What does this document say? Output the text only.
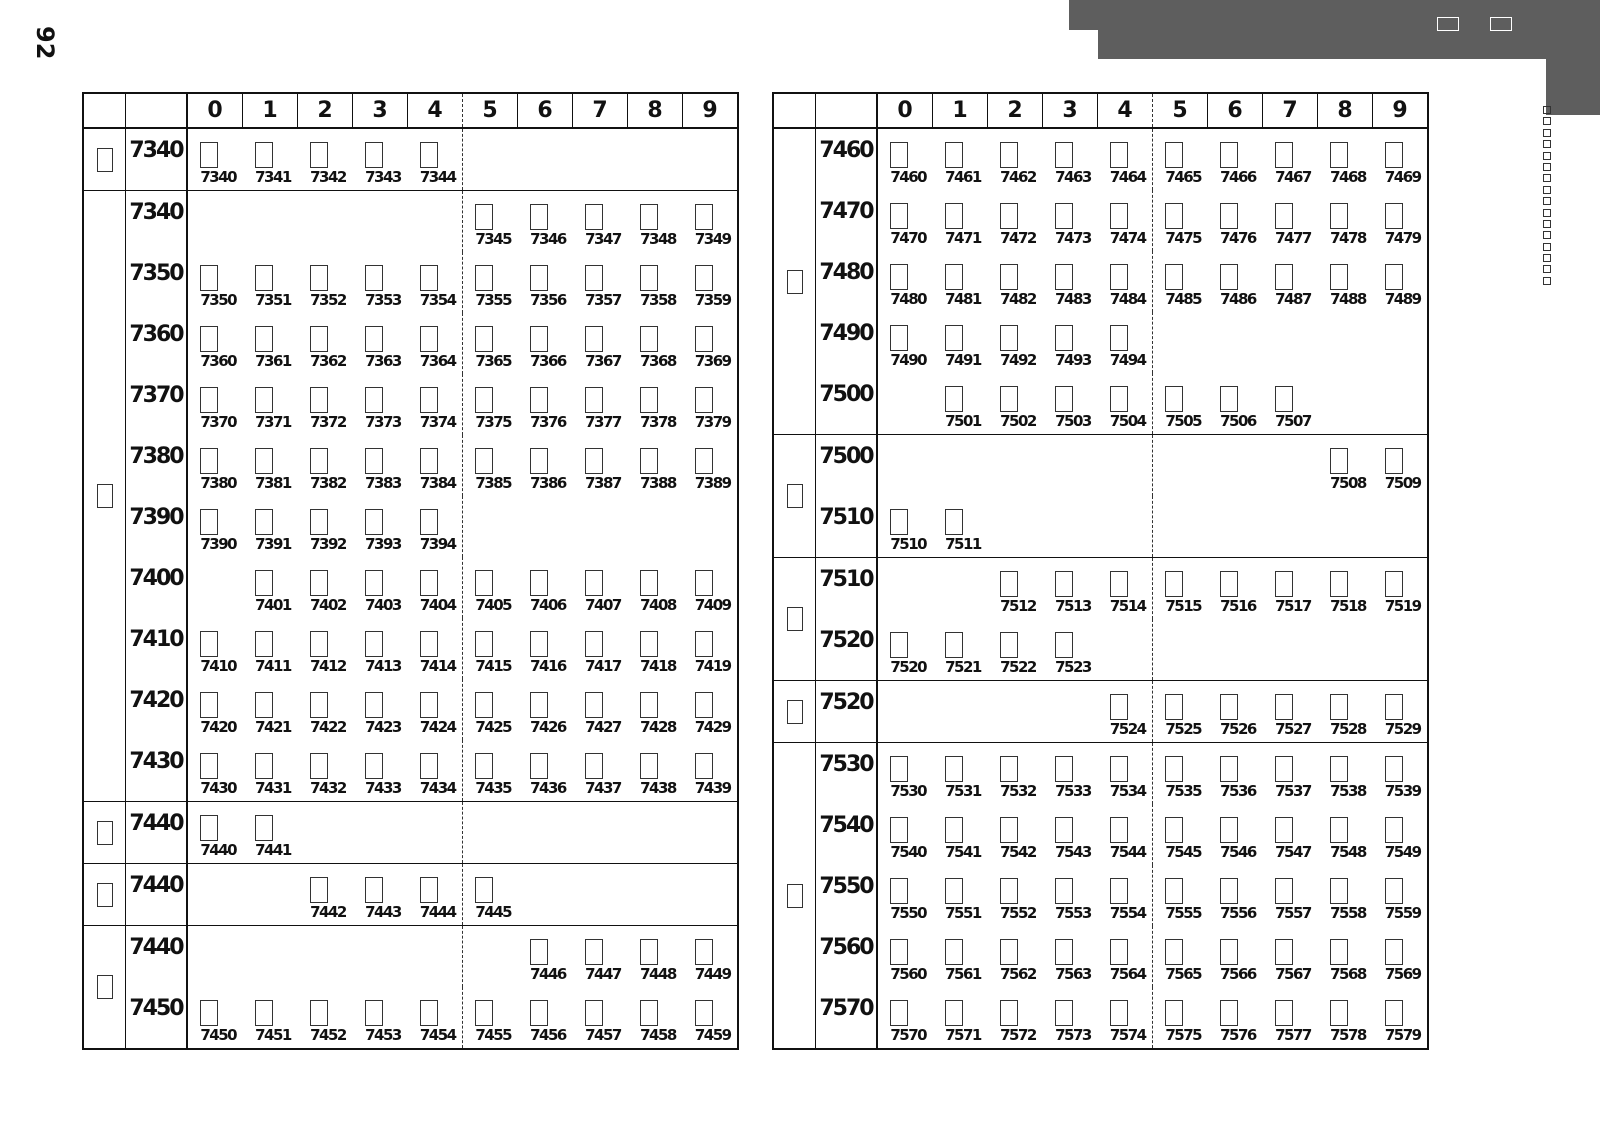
92
		0	1	2	3	4	5	6	7	8	9
	7340	7340	7341	7342	7343	7344					

	7340						7345	7346	7347	7348	7349

	7350	7350	7351	7352	7353	7354	7355	7356	7357	7358	7359

	7360	7360	7361	7362	7363	7364	7365	7366	7367	7368	7369

	7370	7370	7371	7372	7373	7374	7375	7376	7377	7378	7379

	7380	7380	7381	7382	7383	7384	7385	7386	7387	7388	7389

	7390	7390	7391	7392	7393	7394					

	7400		7401	7402	7403	7404	7405	7406	7407	7408	7409

	7410	7410	7411	7412	7413	7414	7415	7416	7417	7418	7419

	7420	7420	7421	7422	7423	7424	7425	7426	7427	7428	7429

	7430	7430	7431	7432	7433	7434	7435	7436	7437	7438	7439

	7440	7440	7441								

	7440			7442	7443	7444	7445				

	7440							7446	7447	7448	7449

	7450	7450	7451	7452	7453	7454	7455	7456	7457	7458	7459
		0	1	2	3	4	5	6	7	8	9
	7460	7460	7461	7462	7463	7464	7465	7466	7467	7468	7469

	7470	7470	7471	7472	7473	7474	7475	7476	7477	7478	7479

	7480	7480	7481	7482	7483	7484	7485	7486	7487	7488	7489

	7490	7490	7491	7492	7493	7494					

	7500		7501	7502	7503	7504	7505	7506	7507		

	7500									7508	7509

	7510	7510	7511								

	7510			7512	7513	7514	7515	7516	7517	7518	7519

	7520	7520	7521	7522	7523						

	7520					7524	7525	7526	7527	7528	7529

	7530	7530	7531	7532	7533	7534	7535	7536	7537	7538	7539

	7540	7540	7541	7542	7543	7544	7545	7546	7547	7548	7549

	7550	7550	7551	7552	7553	7554	7555	7556	7557	7558	7559

	7560	7560	7561	7562	7563	7564	7565	7566	7567	7568	7569

	7570	7570	7571	7572	7573	7574	7575	7576	7577	7578	7579
